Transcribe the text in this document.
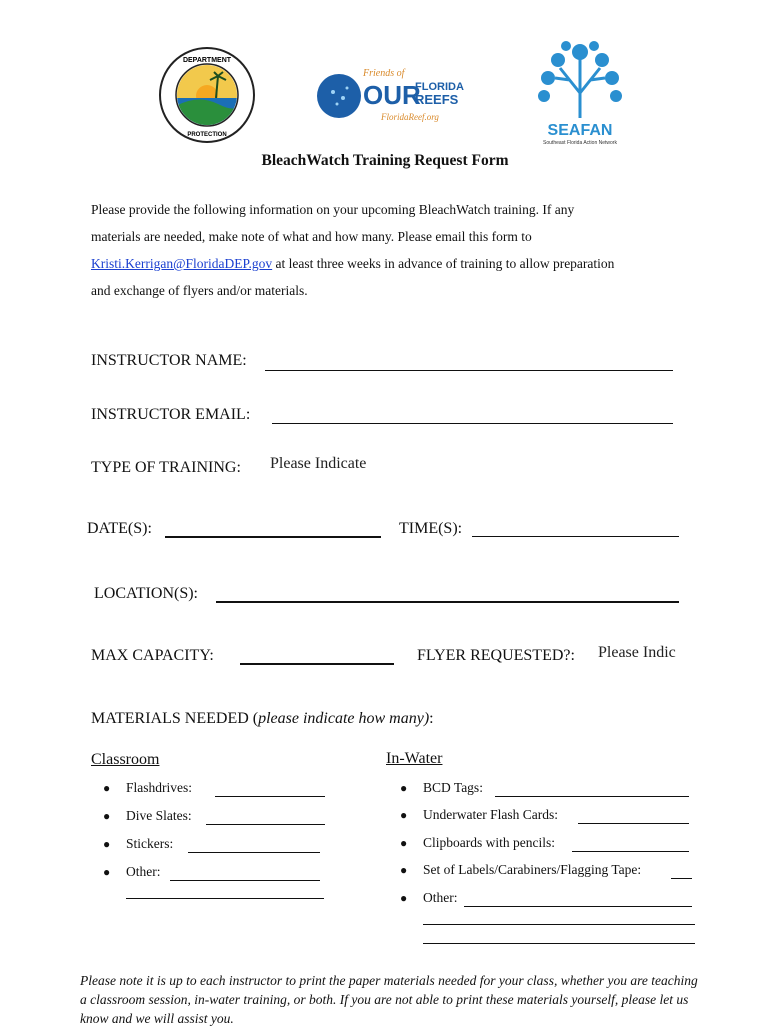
DEPARTMENT
PROTECTION
Friends of
OUR
FLORIDA
REEFS
FloridaReef.org
SEAFAN
Southeast Florida Action Network
BleachWatch Training Request Form
Please provide the following information on your upcoming BleachWatch training. If any
materials are needed, make note of what and how many. Please email this form to
Kristi.Kerrigan@FloridaDEP.gov at least three weeks in advance of training to allow preparation
and exchange of flyers and/or materials.
INSTRUCTOR NAME:
INSTRUCTOR EMAIL:
TYPE OF TRAINING: Please Indicate
DATE(S):	TIME(S):
LOCATION(S):
MAX CAPACITY:	FLYER REQUESTED?: Please Indic
MATERIALS NEEDED (please indicate how many):
Classroom
● Flashdrives:
● Dive Slates:
● Stickers:
● Other:
In-Water
● BCD Tags:
● Underwater Flash Cards:
● Clipboards with pencils:
● Set of Labels/Carabiners/Flagging Tape:
● Other:
Please note it is up to each instructor to print the paper materials needed for your class, whether you are teaching a classroom session, in-water training, or both. If you are not able to print these materials yourself, please let us know and we will assist you.
